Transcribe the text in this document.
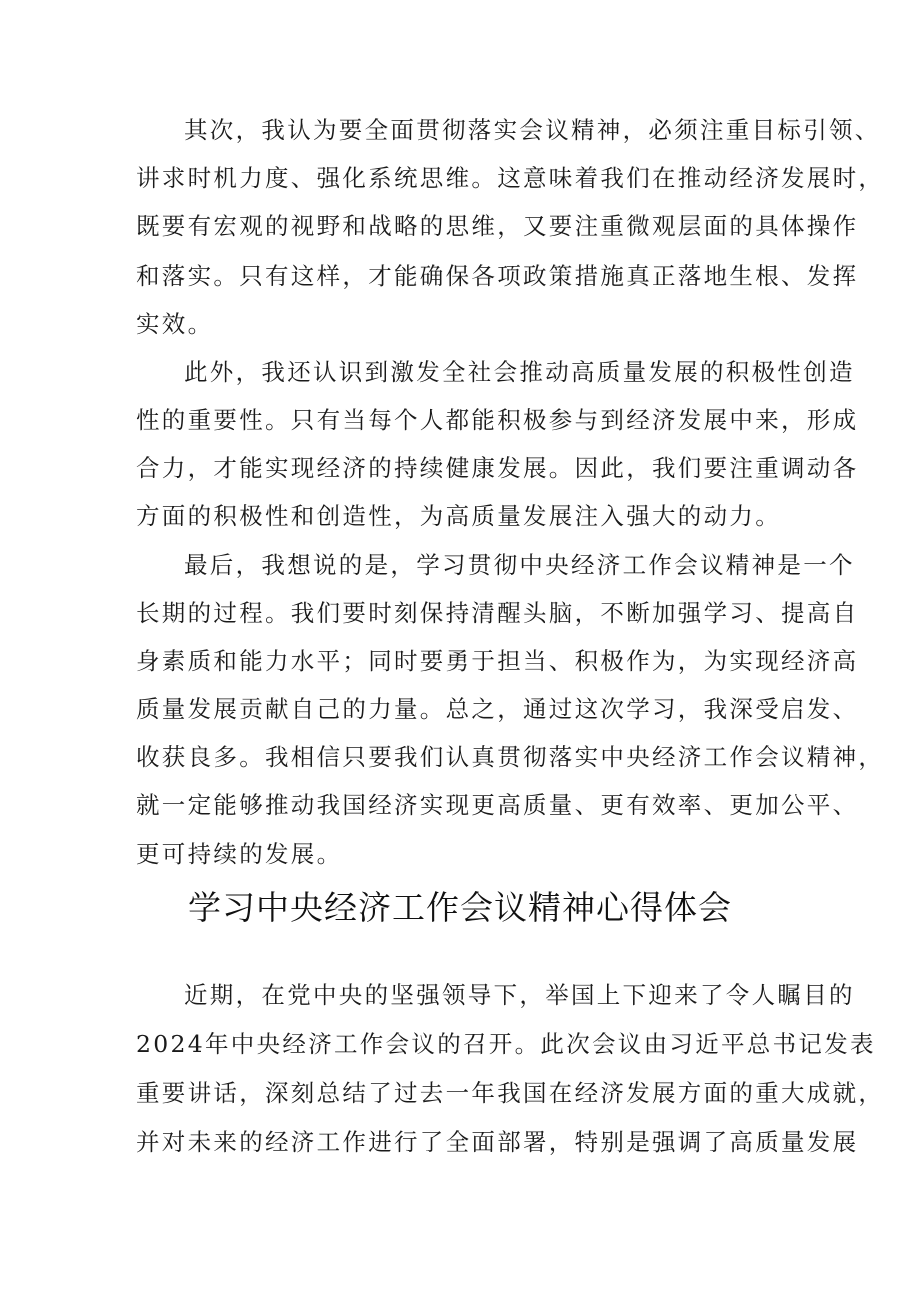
其次，我认为要全面贯彻落实会议精神，必须注重目标引领、
讲求时机力度、强化系统思维。这意味着我们在推动经济发展时，
既要有宏观的视野和战略的思维，又要注重微观层面的具体操作
和落实。只有这样，才能确保各项政策措施真正落地生根、发挥
实效。
此外，我还认识到激发全社会推动高质量发展的积极性创造
性的重要性。只有当每个人都能积极参与到经济发展中来，形成
合力，才能实现经济的持续健康发展。因此，我们要注重调动各
方面的积极性和创造性，为高质量发展注入强大的动力。
最后，我想说的是，学习贯彻中央经济工作会议精神是一个
长期的过程。我们要时刻保持清醒头脑，不断加强学习、提高自
身素质和能力水平；同时要勇于担当、积极作为，为实现经济高
质量发展贡献自己的力量。总之，通过这次学习，我深受启发、
收获良多。我相信只要我们认真贯彻落实中央经济工作会议精神，
就一定能够推动我国经济实现更高质量、更有效率、更加公平、
更可持续的发展。
学习中央经济工作会议精神心得体会
近期，在党中央的坚强领导下，举国上下迎来了令人瞩目的
2024年中央经济工作会议的召开。此次会议由习近平总书记发表
重要讲话，深刻总结了过去一年我国在经济发展方面的重大成就，
并对未来的经济工作进行了全面部署，特别是强调了高质量发展
